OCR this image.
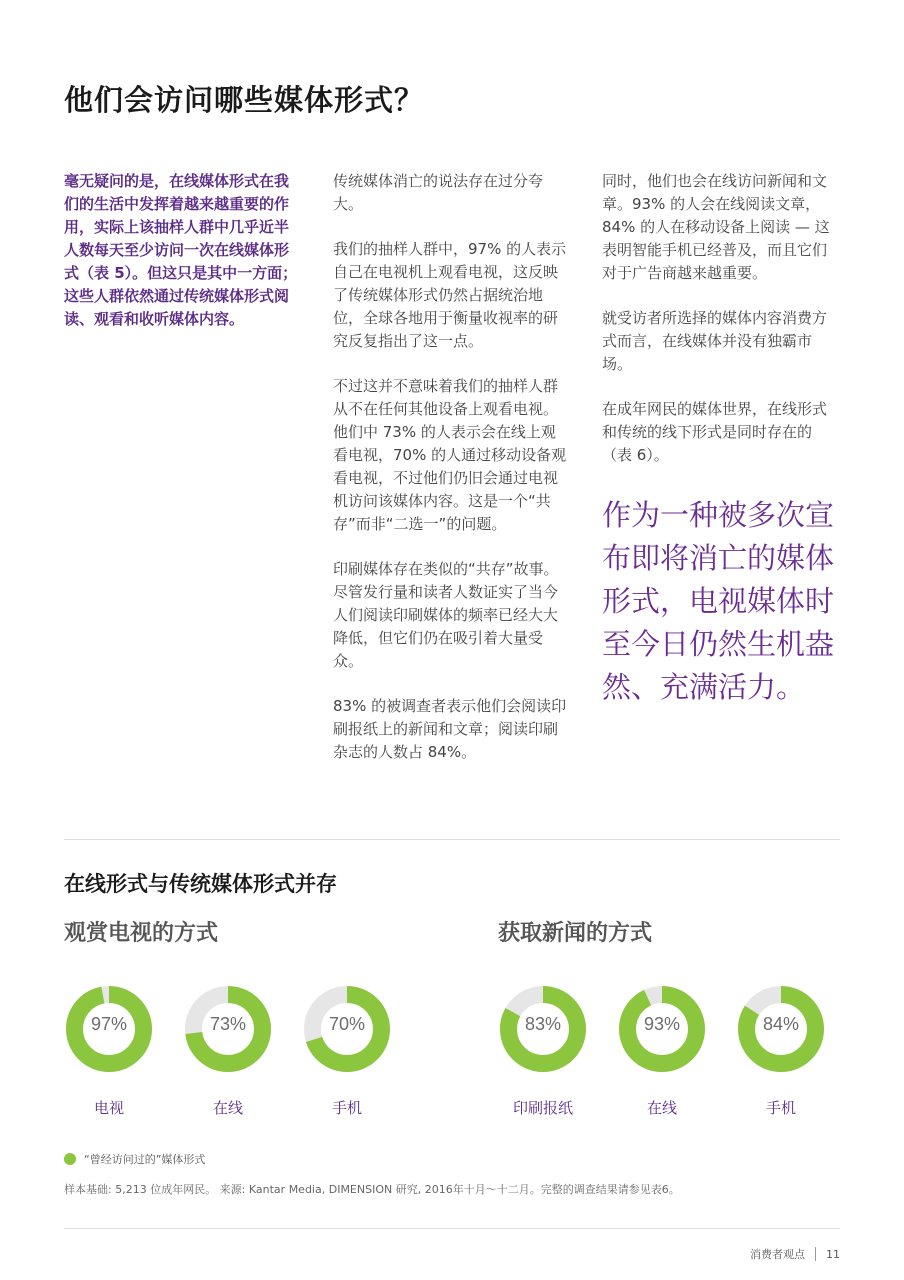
他们会访问哪些媒体形式？

毫无疑问的是，在线媒体形式在我们的生活中发挥着越来越重要的作用，实际上该抽样人群中几乎近半人数每天至少访问一次在线媒体形式（表 5）。但这只是其中一方面；这些人群依然通过传统媒体形式阅读、观看和收听媒体内容。

传统媒体消亡的说法存在过分夸大。

我们的抽样人群中，97% 的人表示自己在电视机上观看电视，这反映了传统媒体形式仍然占据统治地位，全球各地用于衡量收视率的研究反复指出了这一点。

不过这并不意味着我们的抽样人群从不在任何其他设备上观看电视。他们中 73% 的人表示会在线上观看电视，70% 的人通过移动设备观看电视，不过他们仍旧会通过电视机访问该媒体内容。这是一个“共存”而非“二选一”的问题。

印刷媒体存在类似的“共存”故事。尽管发行量和读者人数证实了当今人们阅读印刷媒体的频率已经大大降低，但它们仍在吸引着大量受众。

83% 的被调查者表示他们会阅读印刷报纸上的新闻和文章；阅读印刷杂志的人数占 84%。

同时，他们也会在线访问新闻和文章。93% 的人会在线阅读文章，84% 的人在移动设备上阅读 — 这表明智能手机已经普及，而且它们对于广告商越来越重要。

就受访者所选择的媒体内容消费方式而言，在线媒体并没有独霸市场。

在成年网民的媒体世界，在线形式和传统的线下形式是同时存在的（表 6）。

作为一种被多次宣布即将消亡的媒体形式，电视媒体时至今日仍然生机盎然、充满活力。

在线形式与传统媒体形式并存
观赏电视的方式	获取新闻的方式
97%
电视
73%
在线
70%
手机
83%
印刷报纸
93%
在线
84%
手机
“曾经访问过的”媒体形式
样本基础: 5,213 位成年网民。 来源: Kantar Media, DIMENSION 研究, 2016年十月～十二月。完整的调查结果请参见表6。
消费者观点 11
